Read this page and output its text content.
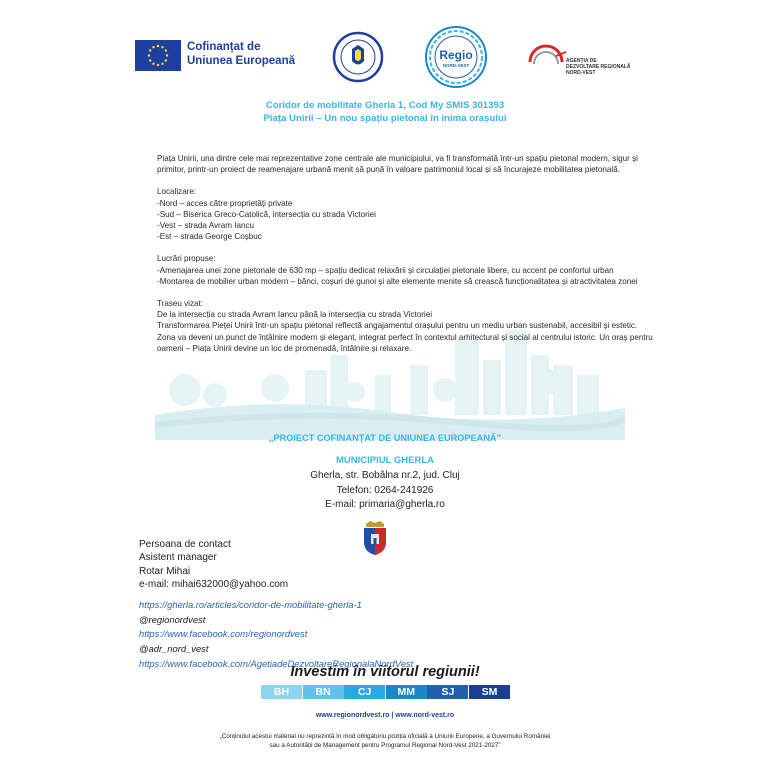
Cofinanțat de
Uniunea Europeană	Regio
NORD-VEST
AGENȚIA DE
DEZVOLTARE REGIONALĂ
NORD-VEST
Coridor de mobilitate Gherla 1, Cod My SMIS 301393
Piața Unirii – Un nou spațiu pietonal în inima orașului

Piața Unirii, una dintre cele mai reprezentative zone centrale ale municipiului, va fi transformată într-un spațiu pietonal modern, sigur și primitor, printr-un proiect de reamenajare urbană menit să pună în valoare patrimoniul local și să încurajeze mobilitatea pietonală.

Localizare:

-Nord – acces către proprietăți private

-Sud – Biserica Greco-Catolică, intersecția cu strada Victoriei

-Vest – strada Avram Iancu

-Est – strada George Coșbuc

Lucrări propuse:

-Amenajarea unei zone pietonale de 630 mp – spațiu dedicat relaxării și circulației pietonale libere, cu accent pe confortul urban

-Montarea de mobilier urban modern – bănci, coșuri de gunoi și alte elemente menite să crească funcționalitatea și atractivitatea zonei

Traseu vizat:

De la intersecția cu strada Avram Iancu până la intersecția cu strada Victoriei

Transformarea Pieței Unirii într-un spațiu pietonal reflectă angajamentul orașului pentru un mediu urban sustenabil, accesibil și estetic. Zona va deveni un punct de întâlnire modern și elegant, integrat perfect în contextul arhitectural și social al centrului istoric. Un oraș pentru oameni – Piața Unirii devine un loc de promenadă, întâlnire și relaxare.

„PROIECT COFINANȚAT DE UNIUNEA EUROPEANĂ”
MUNICIPIUL GHERLA
Gherla, str. Bobâlna nr.2, jud. Cluj
Telefon: 0264-241926
E-mail: primaria@gherla.ro
Persoana de contact
Asistent manager
Rotar Mihai
e-mail: mihai632000@yahoo.com
https://gherla.ro/articles/coridor-de-mobilitate-gherla-1
@regionordvest
https://www.facebook.com/regionordvest
@adr_nord_vest
https://www.facebook.com/AgetiadeDezvoltareRegionalaNordVest
Investim în viitorul regiunii!
BH	BN	CJ	MM	SJ	SM
www.regionordvest.ro | www.nord-vest.ro
„Conținutul acestui material nu reprezintă în mod obligatoriu poziția oficială a Uniunii Europene, a Guvernului României
sau a Autorității de Management pentru Programul Regional Nord-Vest 2021-2027”
